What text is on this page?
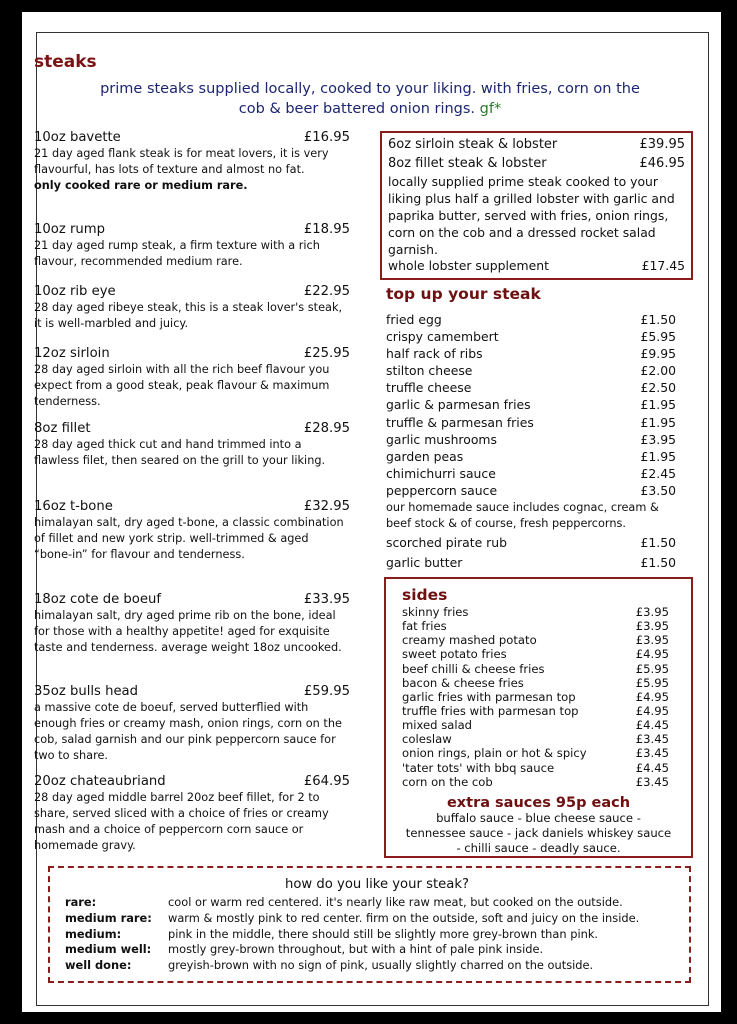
steaks
prime steaks supplied locally, cooked to your liking. with fries, corn on the cob & beer battered onion rings. gf*
10oz bavette	£16.95
21 day aged flank steak is for meat lovers, it is very flavourful, has lots of texture and almost no fat.
only cooked rare or medium rare.
10oz rump	£18.95
21 day aged rump steak, a firm texture with a rich flavour, recommended medium rare.
10oz rib eye	£22.95
28 day aged ribeye steak, this is a steak lover's steak, it is well-marbled and juicy.
12oz sirloin	£25.95
28 day aged sirloin with all the rich beef flavour you expect from a good steak, peak flavour & maximum tenderness.
8oz fillet	£28.95
28 day aged thick cut and hand trimmed into a flawless filet, then seared on the grill to your liking.
16oz t-bone	£32.95
himalayan salt, dry aged t-bone, a classic combination of fillet and new york strip. well-trimmed & aged “bone-in” for flavour and tenderness.
18oz cote de boeuf	£33.95
himalayan salt, dry aged prime rib on the bone, ideal for those with a healthy appetite! aged for exquisite taste and tenderness. average weight 18oz uncooked.
35oz bulls head	£59.95
a massive cote de boeuf, served butterflied with enough fries or creamy mash, onion rings, corn on the cob, salad garnish and our pink peppercorn sauce for two to share.
20oz chateaubriand	£64.95
28 day aged middle barrel 20oz beef fillet, for 2 to share, served sliced with a choice of fries or creamy mash and a choice of peppercorn corn sauce or homemade gravy.
6oz sirloin steak & lobster	£39.95
8oz fillet steak & lobster	£46.95
locally supplied prime steak cooked to your liking plus half a grilled lobster with garlic and paprika butter, served with fries, onion rings, corn on the cob and a dressed rocket salad garnish.
whole lobster supplement	£17.45
top up your steak
fried egg	£1.50
crispy camembert	£5.95
half rack of ribs	£9.95
stilton cheese	£2.00
truffle cheese	£2.50
garlic & parmesan fries	£1.95
truffle & parmesan fries	£1.95
garlic mushrooms	£3.95
garden peas	£1.95
chimichurri sauce	£2.45
peppercorn sauce	£3.50
our homemade sauce includes cognac, cream & beef stock & of course, fresh peppercorns.
scorched pirate rub	£1.50
garlic butter	£1.50
sides
skinny fries	£3.95
fat fries	£3.95
creamy mashed potato	£3.95
sweet potato fries	£4.95
beef chilli & cheese fries	£5.95
bacon & cheese fries	£5.95
garlic fries with parmesan top	£4.95
truffle fries with parmesan top	£4.95
mixed salad	£4.45
coleslaw	£3.45
onion rings, plain or hot & spicy	£3.45
'tater tots' with bbq sauce	£4.45
corn on the cob	£3.45
extra sauces 95p each
buffalo sauce - blue cheese sauce -
tennessee sauce - jack daniels whiskey sauce
- chilli sauce - deadly sauce.
how do you like your steak?
rare:	cool or warm red centered. it's nearly like raw meat, but cooked on the outside.
medium rare:	warm & mostly pink to red center. firm on the outside, soft and juicy on the inside.
medium:	pink in the middle, there should still be slightly more grey-brown than pink.
medium well:	mostly grey-brown throughout, but with a hint of pale pink inside.
well done:	greyish-brown with no sign of pink, usually slightly charred on the outside.
